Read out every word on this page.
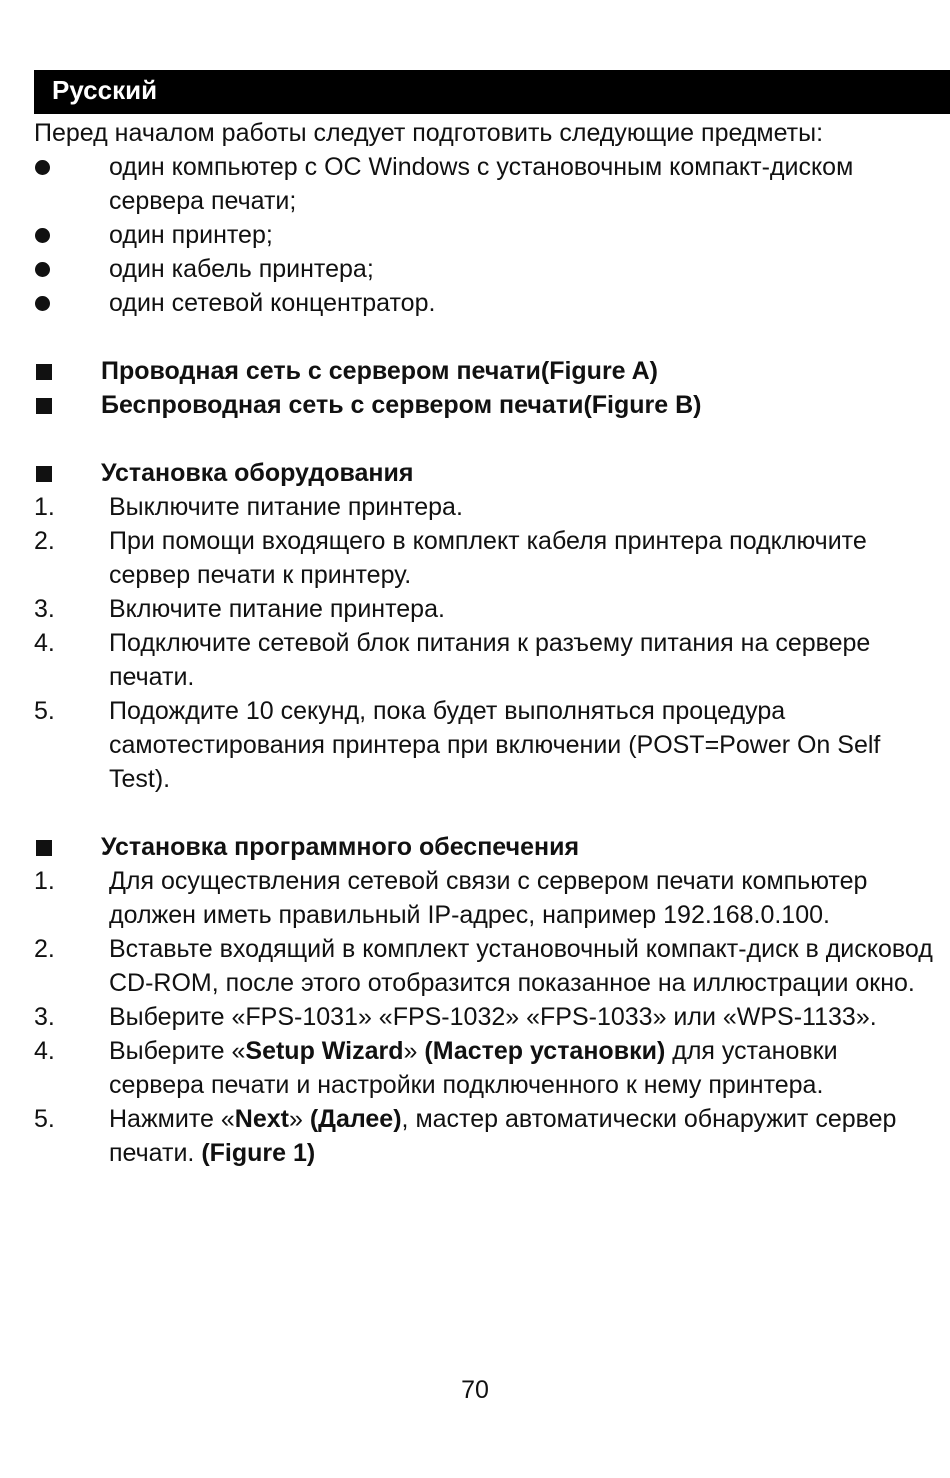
Русский

Перед началом работы следует подготовить следующие предметы:

один компьютер с ОС Windows с установочным компакт-диском сервера печати;
один принтер;
один кабель принтера;
один сетевой концентратор.
Проводная сеть с сервером печати(Figure A)
Беспроводная сеть с сервером печати(Figure B)
Установка оборудования
1. Выключите питание принтера.
2. При помощи входящего в комплект кабеля принтера подключите сервер печати к принтеру.
3. Включите питание принтера.
4. Подключите сетевой блок питания к разъему питания на сервере печати.
5. Подождите 10 секунд, пока будет выполняться процедура самотестирования принтера при включении (POST=Power On Self Test).
Установка программного обеспечения
1. Для осуществления сетевой связи с сервером печати компьютер должен иметь правильный IP-адрес, например 192.168.0.100.
2. Вставьте входящий в комплект установочный компакт-диск в дисковод CD-ROM, после этого отобразится показанное на иллюстрации окно.
3. Выберите «FPS-1031» «FPS-1032» «FPS-1033» или «WPS-1133».
4. Выберите «Setup Wizard» (Мастер установки) для установки сервера печати и настройки подключенного к нему принтера.
5. Нажмите «Next» (Далее), мастер автоматически обнаружит сервер печати. (Figure 1)
70
